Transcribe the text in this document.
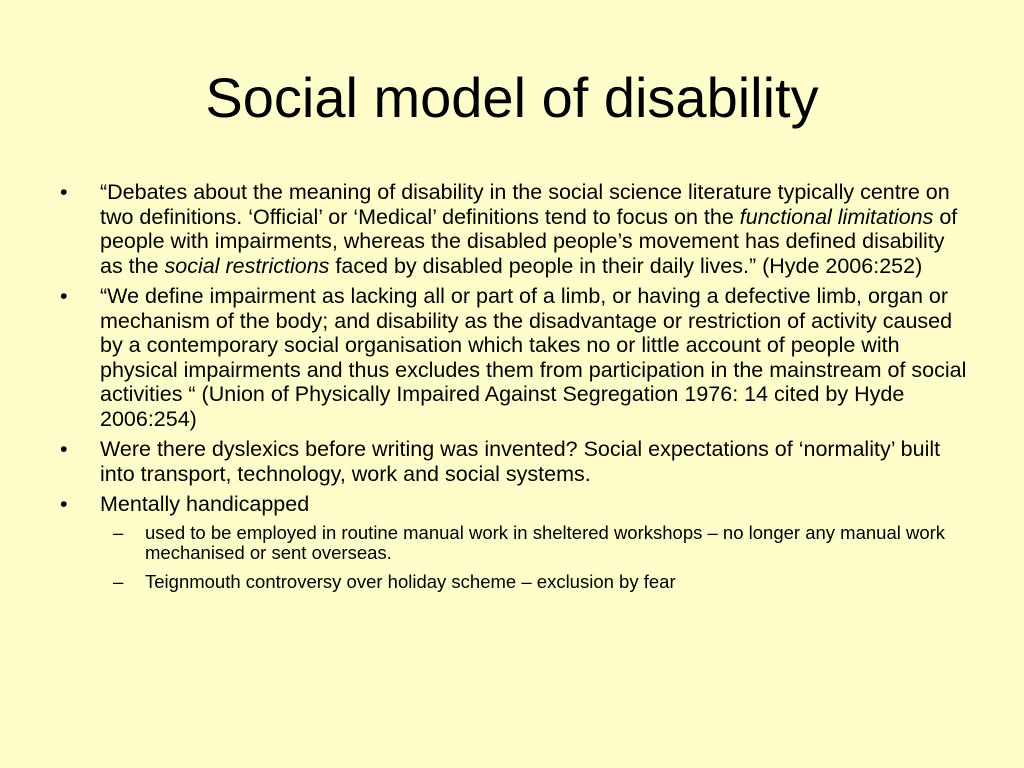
Social model of disability
•	“Debates about the meaning of disability in the social science literature typically centre on two definitions. ‘Official’ or ‘Medical’ definitions tend to focus on the functional limitations of people with impairments, whereas the disabled people’s movement has defined disability as the social restrictions faced by disabled people in their daily lives.” (Hyde 2006:252)
•	“We define impairment as lacking all or part of a limb, or having a defective limb, organ or mechanism of the body; and disability as the disadvantage or restriction of activity caused by a contemporary social organisation which takes no or little account of people with physical impairments and thus excludes them from participation in the mainstream of social activities “ (Union of Physically Impaired Against Segregation 1976: 14 cited by Hyde 2006:254)
•	Were there dyslexics before writing was invented? Social expectations of ‘normality’ built into transport, technology, work and social systems.
•	Mentally handicapped
– used to be employed in routine manual work in sheltered workshops – no longer any manual work mechanised or sent overseas.
– Teignmouth controversy over holiday scheme – exclusion by fear
